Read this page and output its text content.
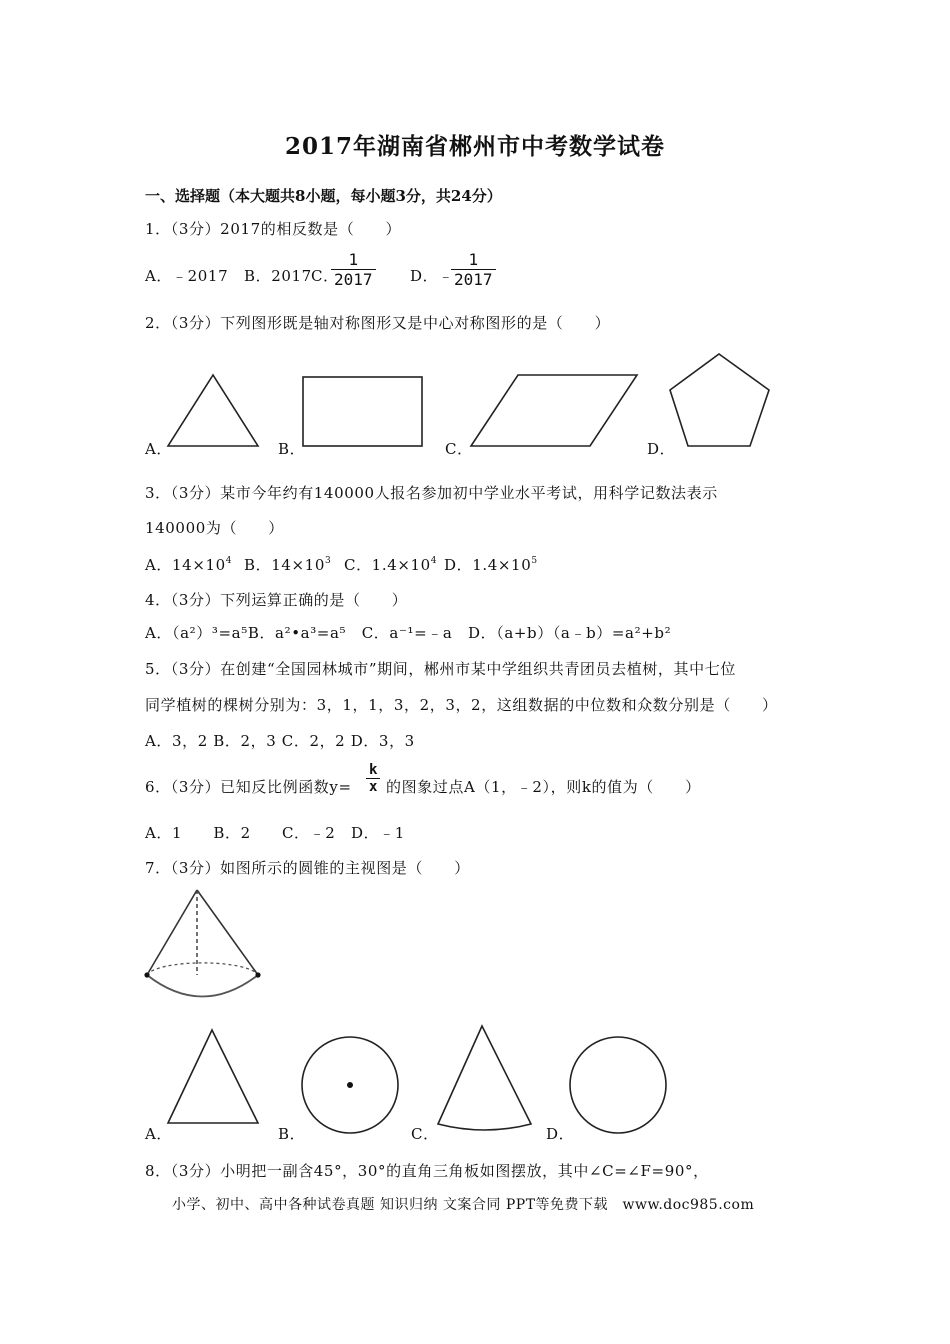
2017年湖南省郴州市中考数学试卷
一、选择题（本大题共8小题，每小题3分，共24分）
1．（3分）2017的相反数是（　　）
A．﹣2017 B．2017 C．
$\frac{1}{2017}$ D．﹣
$\frac{1}{2017}$
2．（3分）下列图形既是轴对称图形又是中心对称图形的是（　　）
A．	B．	C．	D．
3．（3分）某市今年约有140000人报名参加初中学业水平考试，用科学记数法表示
140000为（　　）
A．$14\times 10^4$ B．$14\times 10^3$ C．$1.4\times 10^4$ D．$1.4\times 10^5$
4．（3分）下列运算正确的是（　　）
A．（a²）³=a⁵B．a²•a³=a⁵　C．a⁻¹=﹣a　D．（a+b）（a﹣b）=a²+b²
5．（3分）在创建“全国园林城市”期间，郴州市某中学组织共青团员去植树，其中七位
同学植树的棵树分别为：3，1，1，3，2，3，2，这组数据的中位数和众数分别是（　　）
A．3，2 B．2，3 C．2，2 D．3，3
6．（3分）已知反比例函数$y= \frac{k}{x}$ 的图象过点A（1，﹣2），则k的值为（　　）
A．1　　B．2　　C．﹣2　D．﹣1
7．（3分）如图所示的圆锥的主视图是（　　）
A．	B．	C．	D．
8．（3分）小明把一副含45°，30°的直角三角板如图摆放，其中∠C=∠F=90°，
小学、初中、高中各种试卷真题 知识归纳 文案合同 PPT等免费下载　www.doc985.com
